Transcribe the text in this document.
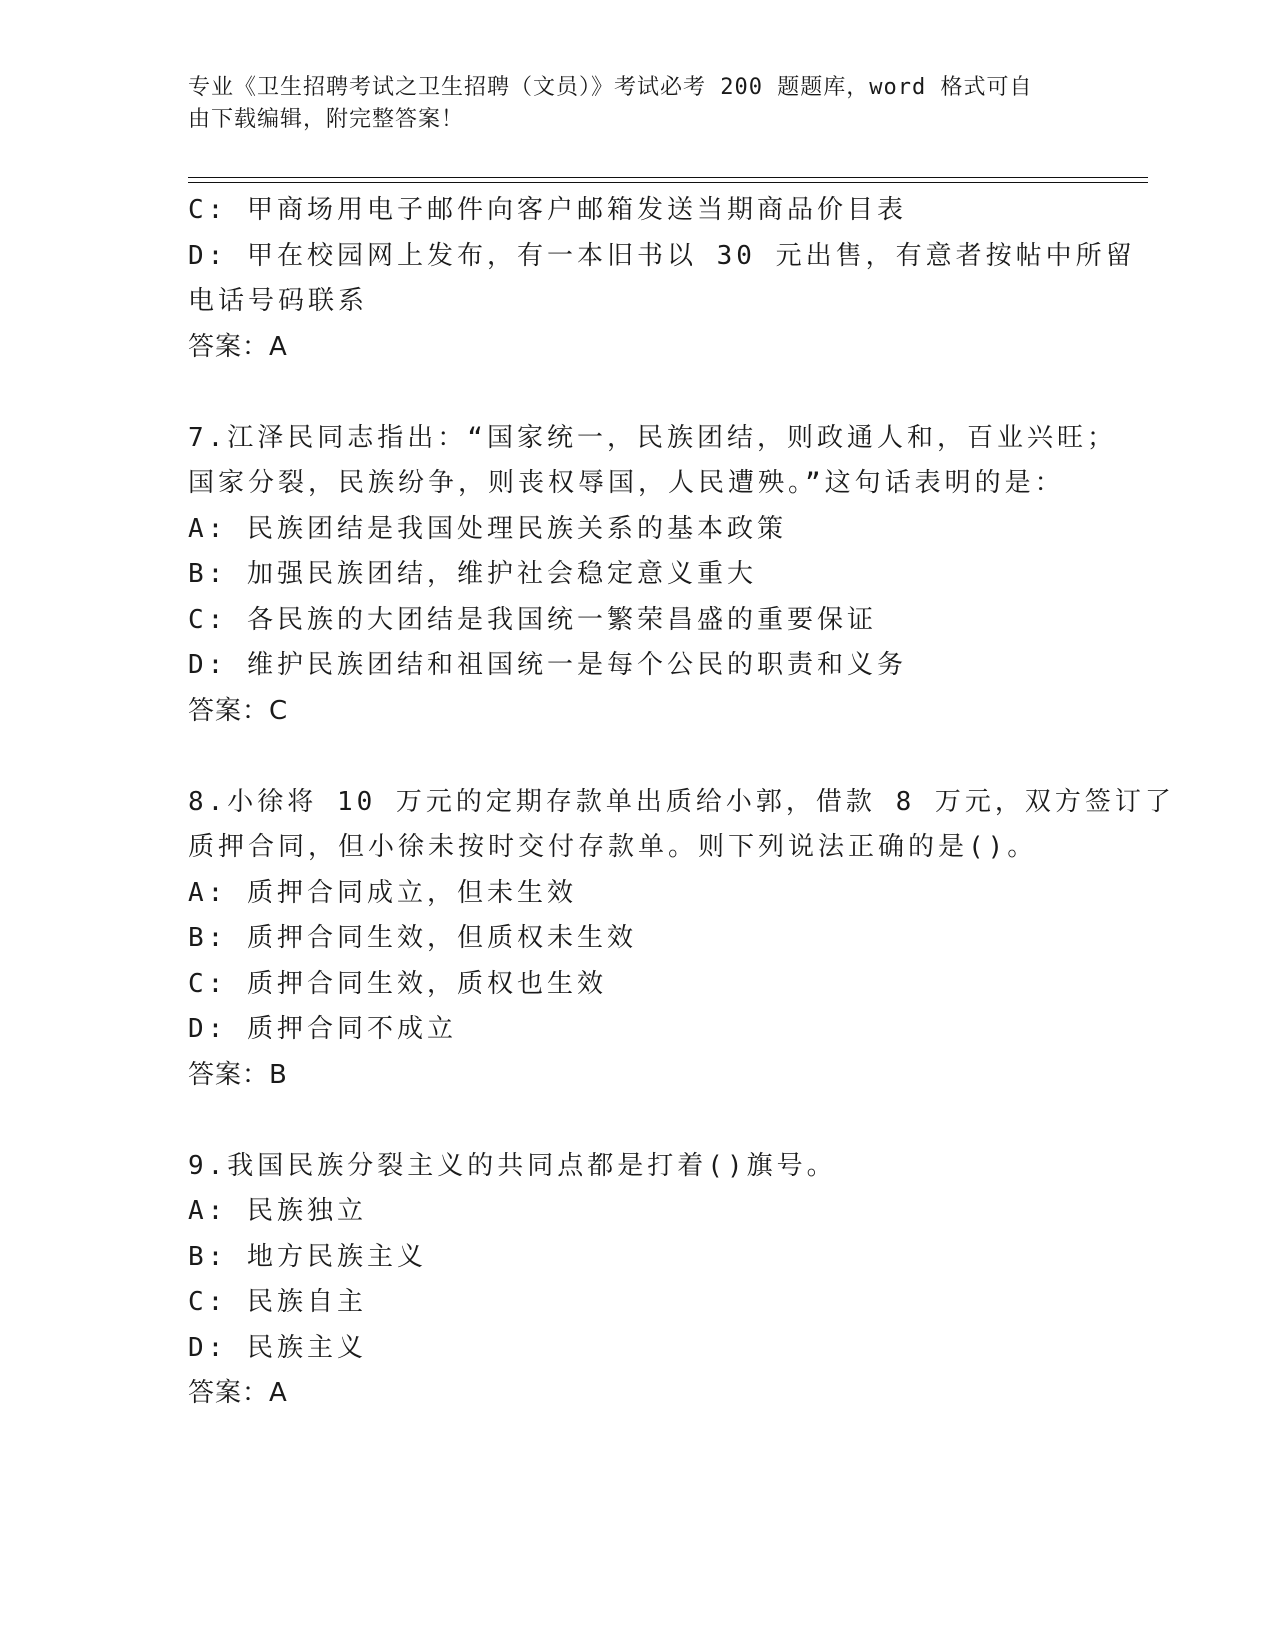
专业《卫生招聘考试之卫生招聘（文员）》考试必考 200 题题库，word 格式可自
由下载编辑，附完整答案！
C: 甲商场用电子邮件向客户邮箱发送当期商品价目表
D: 甲在校园网上发布，有一本旧书以 30 元出售，有意者按帖中所留
电话号码联系
答案：A
7.江泽民同志指出：“国家统一，民族团结，则政通人和，百业兴旺；
国家分裂，民族纷争，则丧权辱国，人民遭殃。”这句话表明的是：
A: 民族团结是我国处理民族关系的基本政策
B: 加强民族团结，维护社会稳定意义重大
C: 各民族的大团结是我国统一繁荣昌盛的重要保证
D: 维护民族团结和祖国统一是每个公民的职责和义务
答案：C
8.小徐将 10 万元的定期存款单出质给小郭，借款 8 万元，双方签订了
质押合同，但小徐未按时交付存款单。则下列说法正确的是()。
A: 质押合同成立，但未生效
B: 质押合同生效，但质权未生效
C: 质押合同生效，质权也生效
D: 质押合同不成立
答案：B
9.我国民族分裂主义的共同点都是打着()旗号。
A: 民族独立
B: 地方民族主义
C: 民族自主
D: 民族主义
答案：A
